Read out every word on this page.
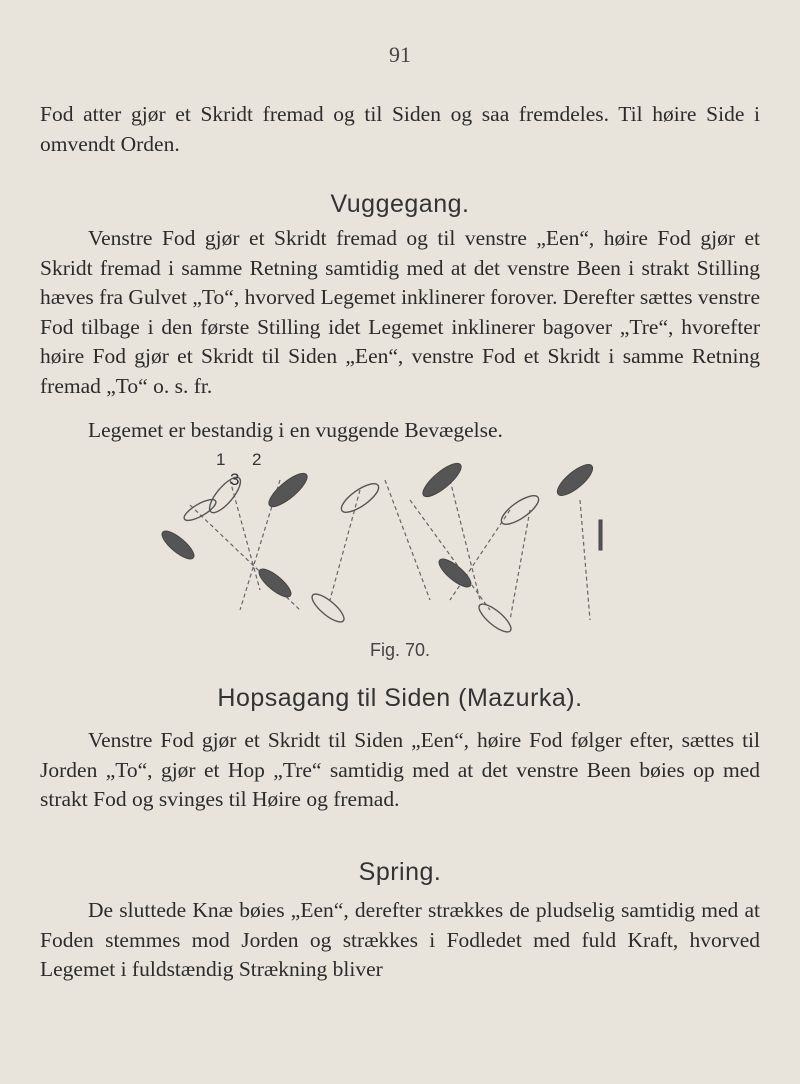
91

Fod atter gjør et Skridt fremad og til Siden og saa fremdeles. Til høire Side i omvendt Orden.

Vuggegang.

Venstre Fod gjør et Skridt fremad og til venstre „Een“, høire Fod gjør et Skridt fremad i samme Retning samtidig med at det venstre Been i strakt Stilling hæves fra Gulvet „To“, hvorved Legemet inklinerer forover. Derefter sættes venstre Fod tilbage i den første Stilling idet Legemet inklinerer bagover „Tre“, hvorefter høire Fod gjør et Skridt til Siden „Een“, venstre Fod et Skridt i samme Retning fremad „To“ o. s. fr.

Legemet er bestandig i en vuggende Bevægelse.

1 2
3
Fig. 70.
Hopsagang til Siden (Mazurka).

Venstre Fod gjør et Skridt til Siden „Een“, høire Fod følger efter, sættes til Jorden „To“, gjør et Hop „Tre“ samtidig med at det venstre Been bøies op med strakt Fod og svinges til Høire og fremad.

Spring.

De sluttede Knæ bøies „Een“, derefter strækkes de pludselig samtidig med at Foden stemmes mod Jorden og strækkes i Fodledet med fuld Kraft, hvorved Legemet i fuldstændig Strækning bliver
